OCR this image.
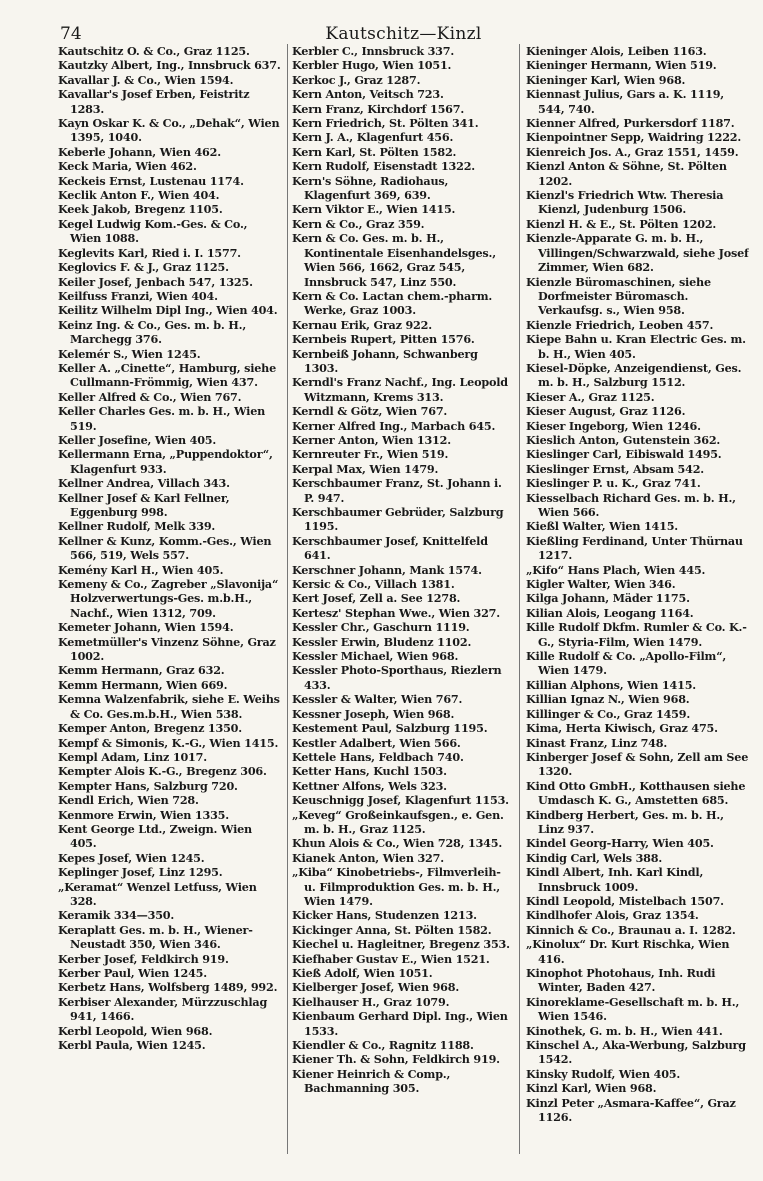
74	Kautschitz—Kinzl
Kautschitz O. & Co., Graz 1125.
Kautzky Albert, Ing., Innsbruck 637.
Kavallar J. & Co., Wien 1594.
Kavallar's Josef Erben, Feistritz 1283.
Kayn Oskar K. & Co., „Dehak“, Wien 1395, 1040.
Keberle Johann, Wien 462.
Keck Maria, Wien 462.
Keckeis Ernst, Lustenau 1174.
Keclik Anton F., Wien 404.
Keek Jakob, Bregenz 1105.
Kegel Ludwig Kom.-Ges. & Co., Wien 1088.
Keglevits Karl, Ried i. I. 1577.
Keglovics F. & J., Graz 1125.
Keiler Josef, Jenbach 547, 1325.
Keilfuss Franzi, Wien 404.
Keilitz Wilhelm Dipl Ing., Wien 404.
Keinz Ing. & Co., Ges. m. b. H., Marchegg 376.
Kelemér S., Wien 1245.
Keller A. „Cinette“, Hamburg, siehe Cullmann-Frömmig, Wien 437.
Keller Alfred & Co., Wien 767.
Keller Charles Ges. m. b. H., Wien 519.
Keller Josefine, Wien 405.
Kellermann Erna, „Puppendoktor“, Klagenfurt 933.
Kellner Andrea, Villach 343.
Kellner Josef & Karl Fellner, Eggenburg 998.
Kellner Rudolf, Melk 339.
Kellner & Kunz, Komm.-Ges., Wien 566, 519, Wels 557.
Kemény Karl H., Wien 405.
Kemeny & Co., Zagreber „Slavonija“ Holzverwertungs-Ges. m.b.H., Nachf., Wien 1312, 709.
Kemeter Johann, Wien 1594.
Kemetmüller's Vinzenz Söhne, Graz 1002.
Kemm Hermann, Graz 632.
Kemm Hermann, Wien 669.
Kemna Walzenfabrik, siehe E. Weihs & Co. Ges.m.b.H., Wien 538.
Kemper Anton, Bregenz 1350.
Kempf & Simonis, K.-G., Wien 1415.
Kempl Adam, Linz 1017.
Kempter Alois K.-G., Bregenz 306.
Kempter Hans, Salzburg 720.
Kendl Erich, Wien 728.
Kenmore Erwin, Wien 1335.
Kent George Ltd., Zweign. Wien 405.
Kepes Josef, Wien 1245.
Keplinger Josef, Linz 1295.
„Keramat“ Wenzel Letfuss, Wien 328.
Keramik 334—350.
Keraplatt Ges. m. b. H., Wiener-Neustadt 350, Wien 346.
Kerber Josef, Feldkirch 919.
Kerber Paul, Wien 1245.
Kerbetz Hans, Wolfsberg 1489, 992.
Kerbiser Alexander, Mürzzuschlag 941, 1466.
Kerbl Leopold, Wien 968.
Kerbl Paula, Wien 1245.
Kerbler C., Innsbruck 337.
Kerbler Hugo, Wien 1051.
Kerkoc J., Graz 1287.
Kern Anton, Veitsch 723.
Kern Franz, Kirchdorf 1567.
Kern Friedrich, St. Pölten 341.
Kern J. A., Klagenfurt 456.
Kern Karl, St. Pölten 1582.
Kern Rudolf, Eisenstadt 1322.
Kern's Söhne, Radiohaus, Klagenfurt 369, 639.
Kern Viktor E., Wien 1415.
Kern & Co., Graz 359.
Kern & Co. Ges. m. b. H., Kontinentale Eisenhandelsges., Wien 566, 1662, Graz 545, Innsbruck 547, Linz 550.
Kern & Co. Lactan chem.-pharm. Werke, Graz 1003.
Kernau Erik, Graz 922.
Kernbeis Rupert, Pitten 1576.
Kernbeiß Johann, Schwanberg 1303.
Kerndl's Franz Nachf., Ing. Leopold Witzmann, Krems 313.
Kerndl & Götz, Wien 767.
Kerner Alfred Ing., Marbach 645.
Kerner Anton, Wien 1312.
Kernreuter Fr., Wien 519.
Kerpal Max, Wien 1479.
Kerschbaumer Franz, St. Johann i. P. 947.
Kerschbaumer Gebrüder, Salzburg 1195.
Kerschbaumer Josef, Knittelfeld 641.
Kerschner Johann, Mank 1574.
Kersic & Co., Villach 1381.
Kert Josef, Zell a. See 1278.
Kertesz' Stephan Wwe., Wien 327.
Kessler Chr., Gaschurn 1119.
Kessler Erwin, Bludenz 1102.
Kessler Michael, Wien 968.
Kessler Photo-Sporthaus, Riezlern 433.
Kessler & Walter, Wien 767.
Kessner Joseph, Wien 968.
Kestement Paul, Salzburg 1195.
Kestler Adalbert, Wien 566.
Kettele Hans, Feldbach 740.
Ketter Hans, Kuchl 1503.
Kettner Alfons, Wels 323.
Keuschnigg Josef, Klagenfurt 1153.
„Keveg“ Großeinkaufsgen., e. Gen. m. b. H., Graz 1125.
Khun Alois & Co., Wien 728, 1345.
Kianek Anton, Wien 327.
„Kiba“ Kinobetriebs-, Filmverleih- u. Filmproduktion Ges. m. b. H., Wien 1479.
Kicker Hans, Studenzen 1213.
Kickinger Anna, St. Pölten 1582.
Kiechel u. Hagleitner, Bregenz 353.
Kiefhaber Gustav E., Wien 1521.
Kieß Adolf, Wien 1051.
Kielberger Josef, Wien 968.
Kielhauser H., Graz 1079.
Kienbaum Gerhard Dipl. Ing., Wien 1533.
Kiendler & Co., Ragnitz 1188.
Kiener Th. & Sohn, Feldkirch 919.
Kiener Heinrich & Comp., Bachmanning 305.
Kieninger Alois, Leiben 1163.
Kieninger Hermann, Wien 519.
Kieninger Karl, Wien 968.
Kiennast Julius, Gars a. K. 1119, 544, 740.
Kienner Alfred, Purkersdorf 1187.
Kienpointner Sepp, Waidring 1222.
Kienreich Jos. A., Graz 1551, 1459.
Kienzl Anton & Söhne, St. Pölten 1202.
Kienzl's Friedrich Wtw. Theresia Kienzl, Judenburg 1506.
Kienzl H. & E., St. Pölten 1202.
Kienzle-Apparate G. m. b. H., Villingen/Schwarzwald, siehe Josef Zimmer, Wien 682.
Kienzle Büromaschinen, siehe Dorfmeister Büromasch. Verkaufsg. s., Wien 958.
Kienzle Friedrich, Leoben 457.
Kiepe Bahn u. Kran Electric Ges. m. b. H., Wien 405.
Kiesel-Döpke, Anzeigendienst, Ges. m. b. H., Salzburg 1512.
Kieser A., Graz 1125.
Kieser August, Graz 1126.
Kieser Ingeborg, Wien 1246.
Kieslich Anton, Gutenstein 362.
Kieslinger Carl, Eibiswald 1495.
Kieslinger Ernst, Absam 542.
Kieslinger P. u. K., Graz 741.
Kiesselbach Richard Ges. m. b. H., Wien 566.
Kießl Walter, Wien 1415.
Kießling Ferdinand, Unter Thürnau 1217.
„Kifo“ Hans Plach, Wien 445.
Kigler Walter, Wien 346.
Kilga Johann, Mäder 1175.
Kilian Alois, Leogang 1164.
Kille Rudolf Dkfm. Rumler & Co. K.-G., Styria-Film, Wien 1479.
Kille Rudolf & Co. „Apollo-Film“, Wien 1479.
Killian Alphons, Wien 1415.
Killian Ignaz N., Wien 968.
Killinger & Co., Graz 1459.
Kima, Herta Kiwisch, Graz 475.
Kinast Franz, Linz 748.
Kinberger Josef & Sohn, Zell am See 1320.
Kind Otto GmbH., Kotthausen siehe Umdasch K. G., Amstetten 685.
Kindberg Herbert, Ges. m. b. H., Linz 937.
Kindel Georg-Harry, Wien 405.
Kindig Carl, Wels 388.
Kindl Albert, Inh. Karl Kindl, Innsbruck 1009.
Kindl Leopold, Mistelbach 1507.
Kindlhofer Alois, Graz 1354.
Kinnich & Co., Braunau a. I. 1282.
„Kinolux“ Dr. Kurt Rischka, Wien 416.
Kinophot Photohaus, Inh. Rudi Winter, Baden 427.
Kinoreklame-Gesellschaft m. b. H., Wien 1546.
Kinothek, G. m. b. H., Wien 441.
Kinschel A., Aka-Werbung, Salzburg 1542.
Kinsky Rudolf, Wien 405.
Kinzl Karl, Wien 968.
Kinzl Peter „Asmara-Kaffee“, Graz 1126.
